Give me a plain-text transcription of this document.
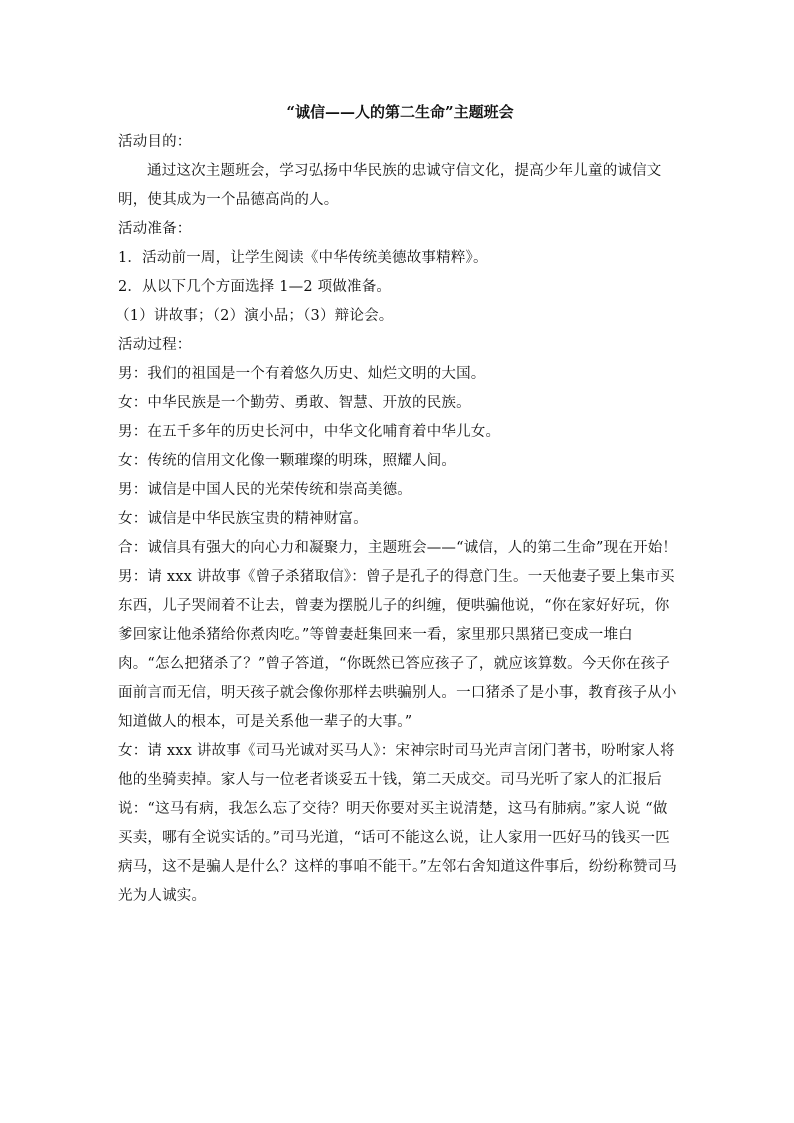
“诚信——人的第二生命”主题班会

活动目的：

通过这次主题班会，学习弘扬中华民族的忠诚守信文化，提高少年儿童的诚信文明，使其成为一个品德高尚的人。

活动准备：

1．活动前一周，让学生阅读《中华传统美德故事精粹》。

2．从以下几个方面选择 1—2 项做准备。

（1）讲故事；（2）演小品；（3）辩论会。

活动过程：

男：我们的祖国是一个有着悠久历史、灿烂文明的大国。

女：中华民族是一个勤劳、勇敢、智慧、开放的民族。

男：在五千多年的历史长河中，中华文化哺育着中华儿女。

女：传统的信用文化像一颗璀璨的明珠，照耀人间。

男：诚信是中国人民的光荣传统和崇高美德。

女：诚信是中华民族宝贵的精神财富。

合：诚信具有强大的向心力和凝聚力，主题班会——“诚信，人的第二生命”现在开始！

男：请 xxx 讲故事《曾子杀猪取信》：曾子是孔子的得意门生。一天他妻子要上集市买东西，儿子哭闹着不让去，曾妻为摆脱儿子的纠缠，便哄骗他说，“你在家好好玩，你爹回家让他杀猪给你煮肉吃。”等曾妻赶集回来一看，家里那只黑猪已变成一堆白肉。“怎么把猪杀了？”曾子答道，“你既然已答应孩子了，就应该算数。今天你在孩子面前言而无信，明天孩子就会像你那样去哄骗别人。一口猪杀了是小事，教育孩子从小知道做人的根本，可是关系他一辈子的大事。”

女：请 xxx 讲故事《司马光诚对买马人》：宋神宗时司马光声言闭门著书，吩咐家人将他的坐骑卖掉。家人与一位老者谈妥五十钱，第二天成交。司马光听了家人的汇报后说：“这马有病，我怎么忘了交待？明天你要对买主说清楚，这马有肺病。”家人说 “做买卖，哪有全说实话的。”司马光道，“话可不能这么说，让人家用一匹好马的钱买一匹病马，这不是骗人是什么？这样的事咱不能干。”左邻右舍知道这件事后，纷纷称赞司马光为人诚实。
